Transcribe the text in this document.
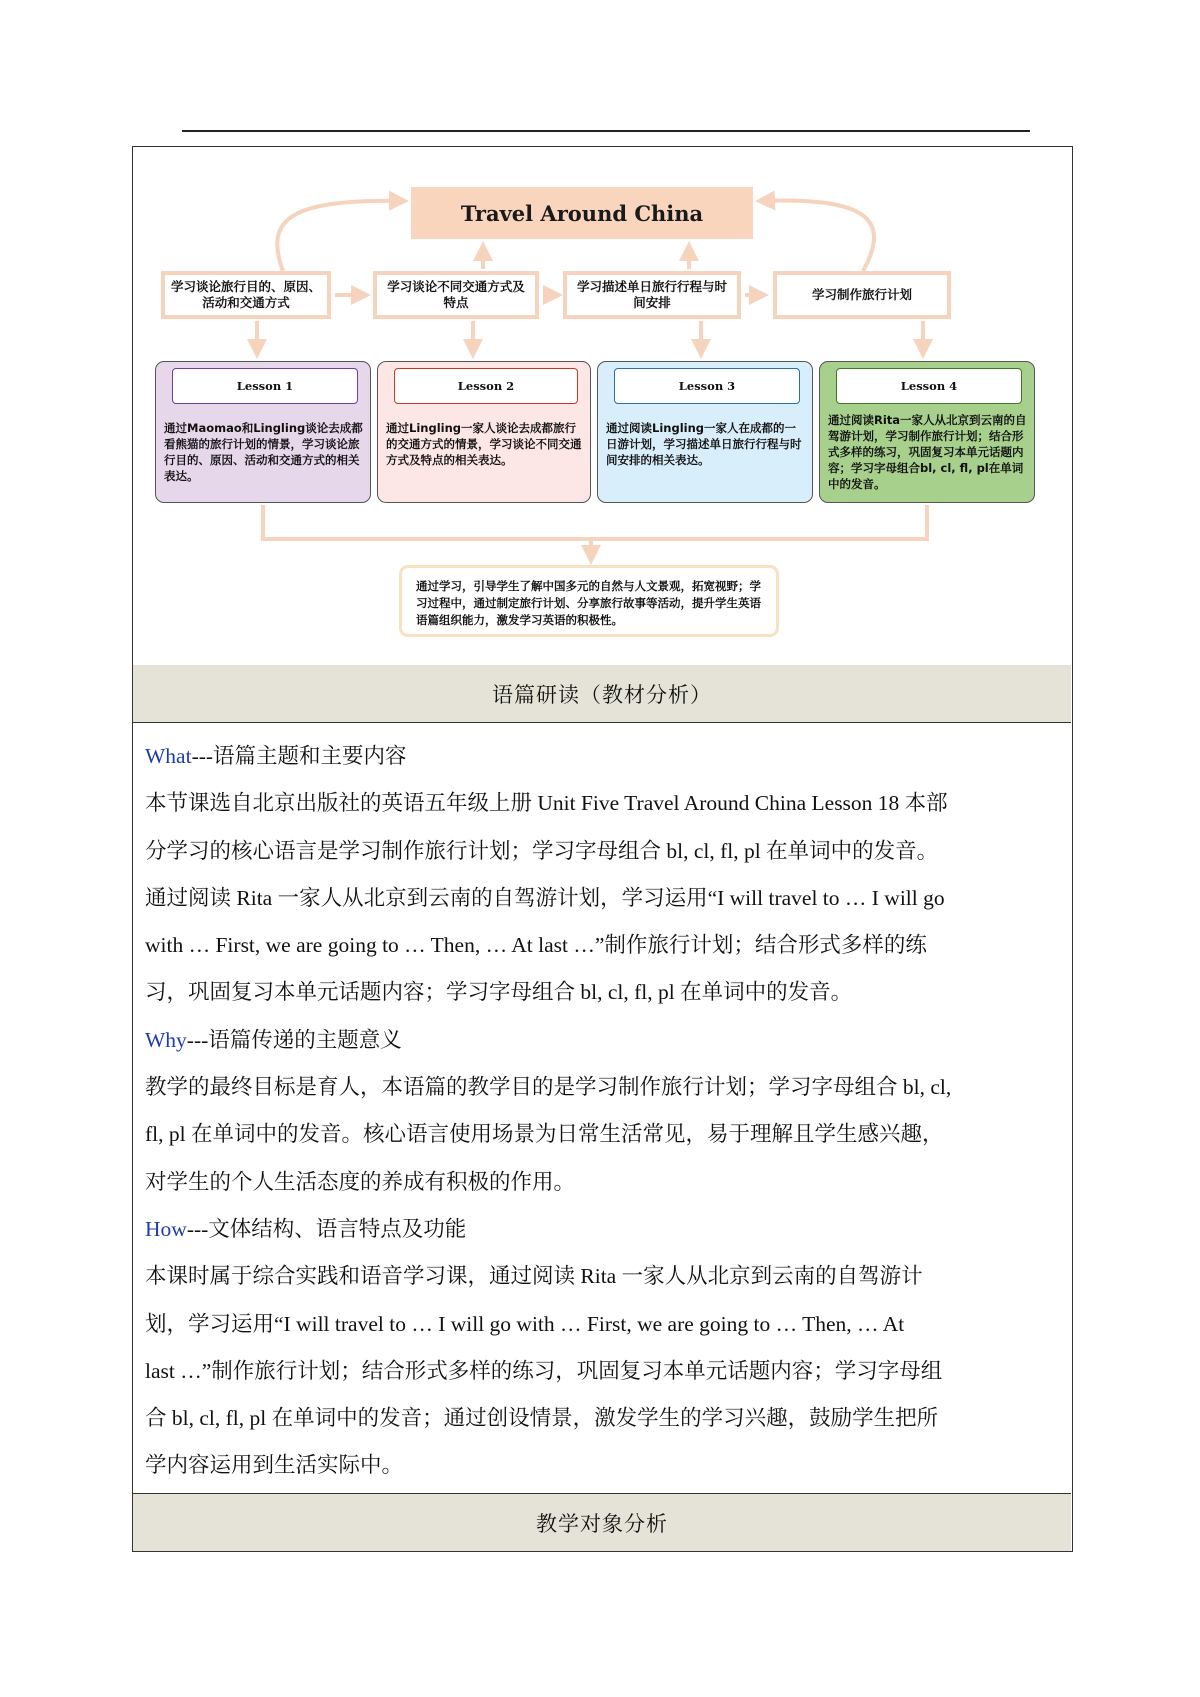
Travel Around China
学习谈论旅行目的、原因、活动和交通方式
学习谈论不同交通方式及特点
学习描述单日旅行行程与时间安排
学习制作旅行计划
Lesson 1
通过Maomao和Lingling谈论去成都看熊猫的旅行计划的情景，学习谈论旅行目的、原因、活动和交通方式的相关表达。
Lesson 2
通过Lingling一家人谈论去成都旅行的交通方式的情景，学习谈论不同交通方式及特点的相关表达。
Lesson 3
通过阅读Lingling一家人在成都的一日游计划，学习描述单日旅行行程与时间安排的相关表达。
Lesson 4
通过阅读Rita一家人从北京到云南的自驾游计划，学习制作旅行计划；结合形式多样的练习，巩固复习本单元话题内容；学习字母组合bl, cl, fl, pl在单词中的发音。
通过学习，引导学生了解中国多元的自然与人文景观，拓宽视野；学习过程中，通过制定旅行计划、分享旅行故事等活动，提升学生英语语篇组织能力，激发学习英语的积极性。
语篇研读（教材分析）
What---语篇主题和主要内容
本节课选自北京出版社的英语五年级上册 Unit Five Travel Around China Lesson 18 本部
分学习的核心语言是学习制作旅行计划；学习字母组合 bl, cl, fl, pl 在单词中的发音。
通过阅读 Rita 一家人从北京到云南的自驾游计划，学习运用“I will travel to … I will go
with … First, we are going to … Then, … At last …”制作旅行计划；结合形式多样的练
习，巩固复习本单元话题内容；学习字母组合 bl, cl, fl, pl 在单词中的发音。
Why---语篇传递的主题意义
教学的最终目标是育人，本语篇的教学目的是学习制作旅行计划；学习字母组合 bl, cl,
fl, pl 在单词中的发音。核心语言使用场景为日常生活常见，易于理解且学生感兴趣，
对学生的个人生活态度的养成有积极的作用。
How---文体结构、语言特点及功能
本课时属于综合实践和语音学习课，通过阅读 Rita 一家人从北京到云南的自驾游计
划，学习运用“I will travel to … I will go with … First, we are going to … Then, … At
last …”制作旅行计划；结合形式多样的练习，巩固复习本单元话题内容；学习字母组
合 bl, cl, fl, pl 在单词中的发音；通过创设情景，激发学生的学习兴趣，鼓励学生把所
学内容运用到生活实际中。
教学对象分析
